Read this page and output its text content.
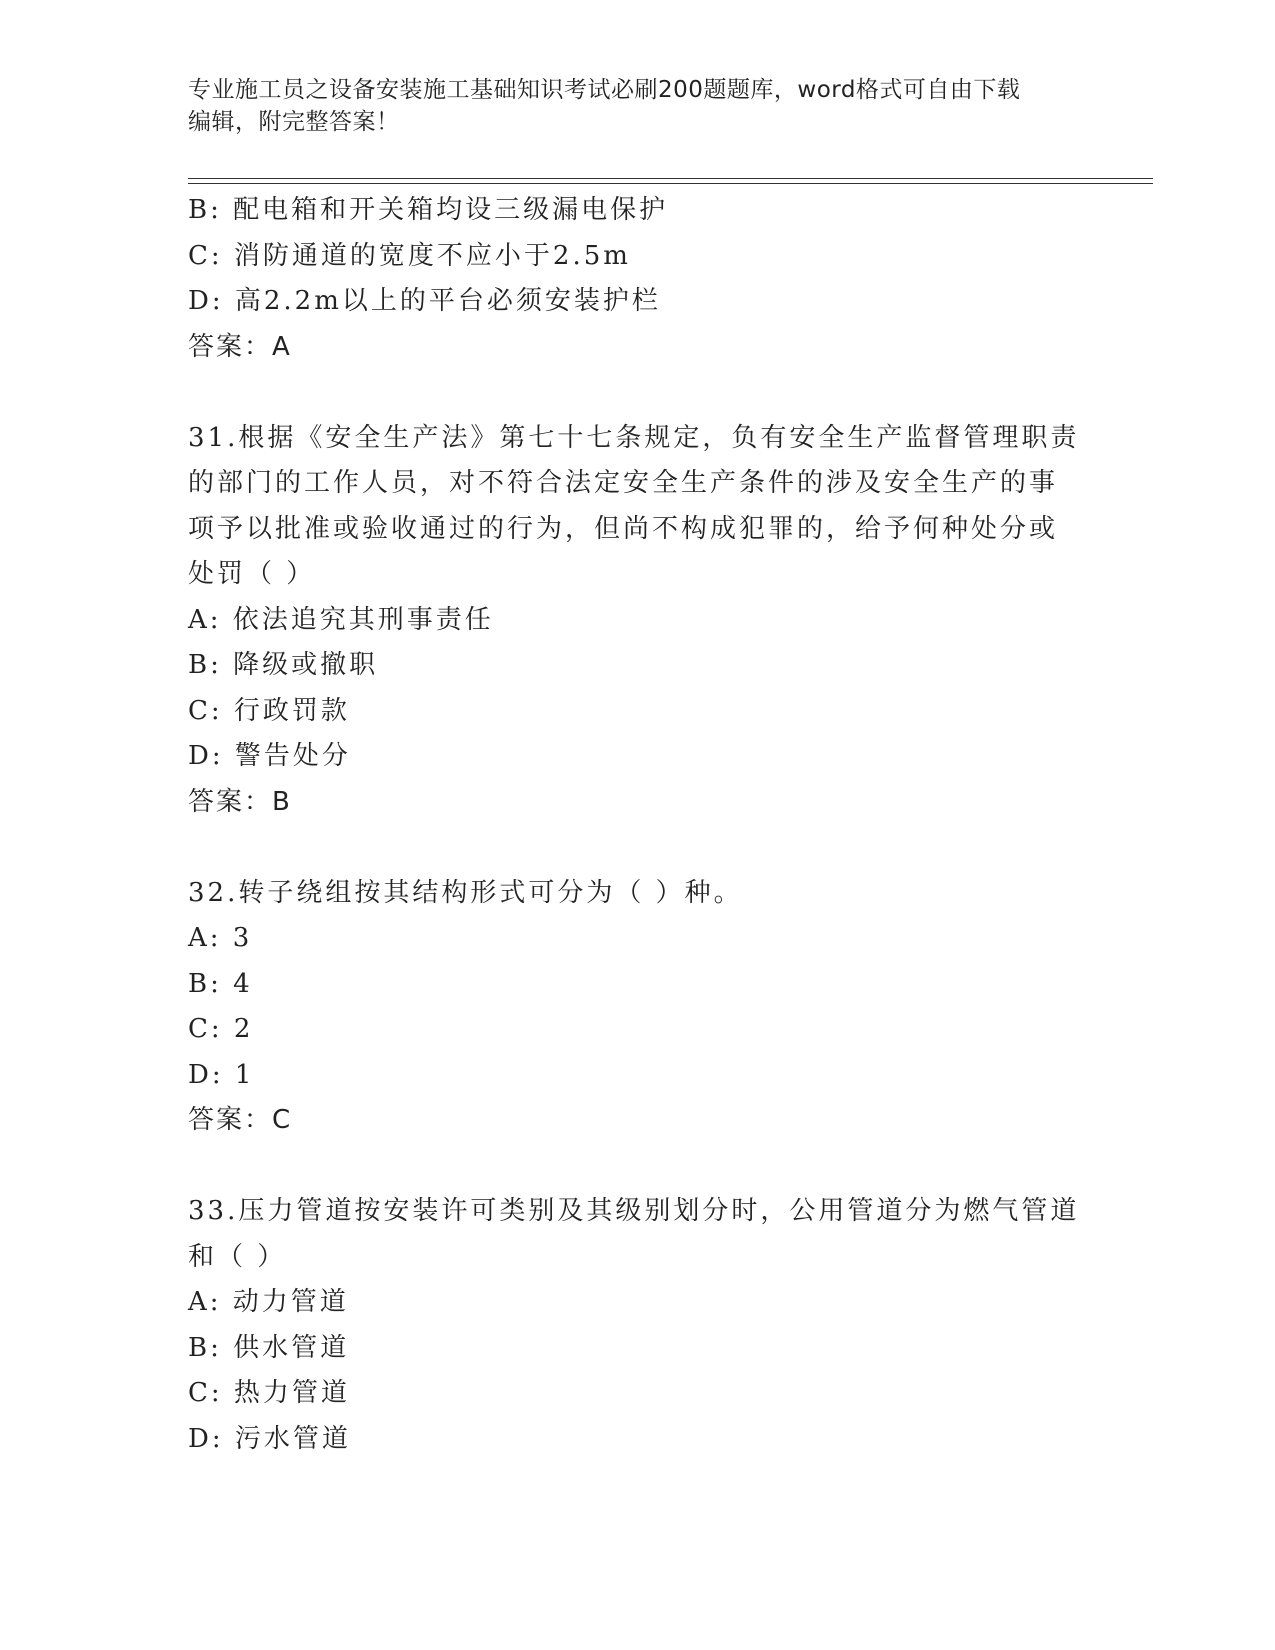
专业施工员之设备安装施工基础知识考试必刷200题题库，word格式可自由下载
编辑，附完整答案！
B: 配电箱和开关箱均设三级漏电保护
C: 消防通道的宽度不应小于2.5m
D: 高2.2m以上的平台必须安装护栏
答案：A
31.根据《安全生产法》第七十七条规定，负有安全生产监督管理职责
的部门的工作人员，对不符合法定安全生产条件的涉及安全生产的事
项予以批准或验收通过的行为，但尚不构成犯罪的，给予何种处分或
处罚（ ）
A: 依法追究其刑事责任
B: 降级或撤职
C: 行政罚款
D: 警告处分
答案：B
32.转子绕组按其结构形式可分为（ ）种。
A: 3
B: 4
C: 2
D: 1
答案：C
33.压力管道按安装许可类别及其级别划分时，公用管道分为燃气管道
和（ ）
A: 动力管道
B: 供水管道
C: 热力管道
D: 污水管道
